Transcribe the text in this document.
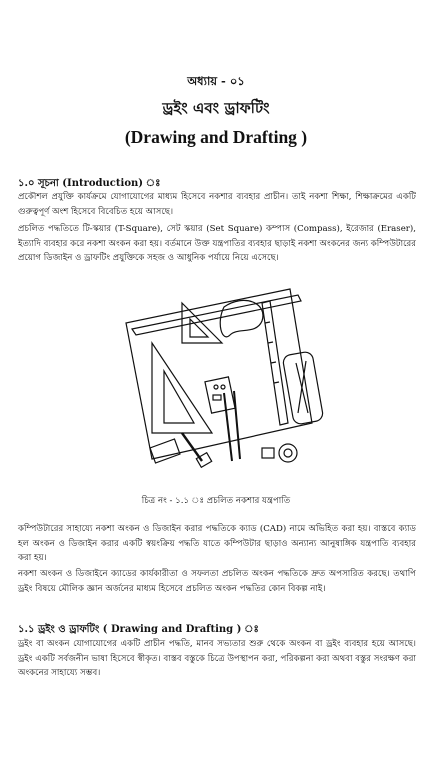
অধ্যায় - ০১
ড্রইং এবং ড্রাফটিং
(Drawing and Drafting )
১.০ সূচনা (Introduction) ঃ
প্রকৌশল প্রযুক্তি কার্যক্রমে যোগাযোগের মাধ্যম হিসেবে নকশার ব্যবহার প্রাচীন। তাই নকশা শিক্ষা, শিক্ষাক্রমের একটি গুরুত্বপূর্ণ অংশ হিসেবে বিবেচিত হয়ে আসছে।
প্রচলিত পদ্ধতিতে টি-স্কয়ার (T-Square), সেট স্কয়ার (Set Square) কম্পাস (Compass), ইরেজার (Eraser), ইত্যাদি ব্যবহার করে নকশা অংকন করা হয়। বর্তমানে উক্ত যন্ত্রপাতির ব্যবহার ছাড়াই নকশা অংকনের জন্য কম্পিউটারের প্রয়োগ ডিজাইন ও ড্রাফটিং প্রযুক্তিকে সহজ ও আধুনিক পর্যায়ে নিয়ে এসেছে।
চিত্র নং - ১.১ ঃ প্রচলিত নকশার যন্ত্রপাতি
কম্পিউটারের সাহায্যে নকশা অংকন ও ডিজাইন করার পদ্ধতিকে ক্যাড (CAD) নামে অভিহিত করা হয়। বাস্তবে ক্যাড হল অংকন ও ডিজাইন করার একটি স্বয়ংক্রিয় পদ্ধতি যাতে কম্পিউটার ছাড়াও অন্যান্য আনুষাঙ্গিক যন্ত্রপাতি ব্যবহার করা হয়।
নকশা অংকন ও ডিজাইনে ক্যাডের কার্যকারীতা ও সফলতা প্রচলিত অংকন পদ্ধতিকে দ্রুত অপসারিত করছে। তথাপি ড্রইং বিষয়ে মৌলিক জ্ঞান অর্জনের মাধ্যম হিসেবে প্রচলিত অংকন পদ্ধতির কোন বিকল্প নাই।
১.১ ড্রইং ও ড্রাফটিং ( Drawing and Drafting ) ঃ
ড্রইং বা অংকন যোগাযোগের একটি প্রাচীন পদ্ধতি, মানব সভ্যতার শুরু থেকে অংকন বা ড্রইং ব্যবহার হয়ে আসছে। ড্রইং একটি সর্বজনীন ভাষা হিসেবে স্বীকৃত। বাস্তব বস্তুকে চিত্রে উপস্থাপন করা, পরিকল্পনা করা অথবা বস্তুর সংরক্ষণ করা অংকনের সাহায্যে সম্ভব।
